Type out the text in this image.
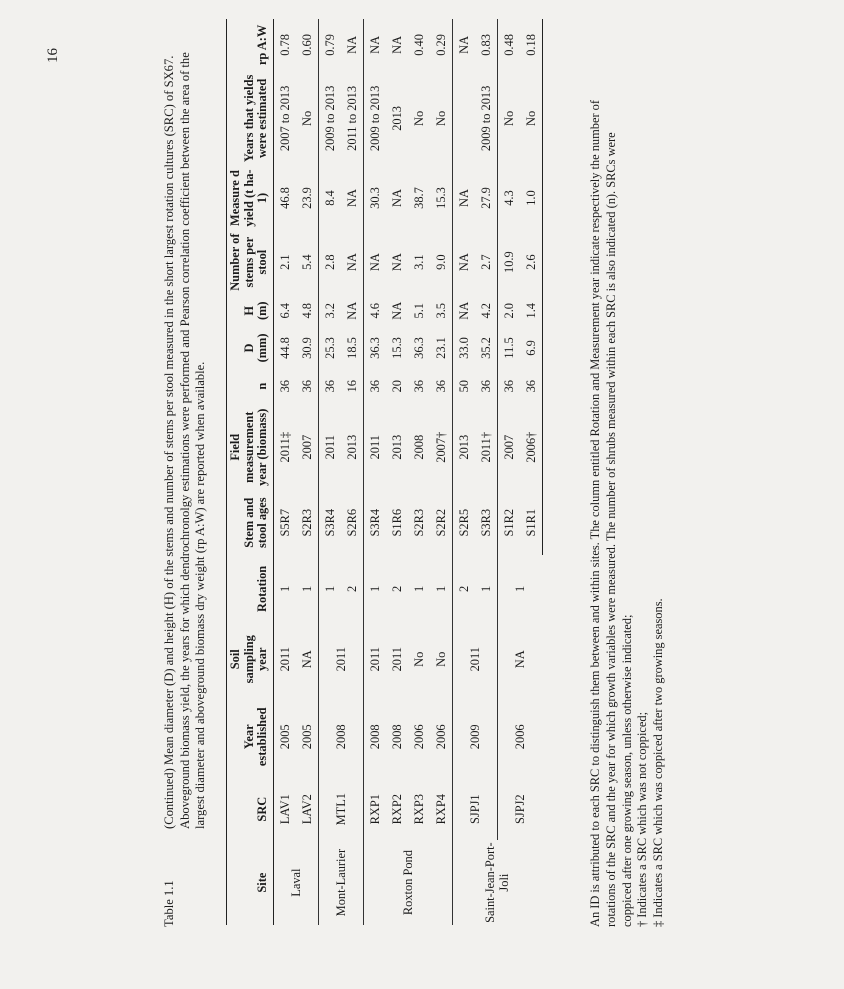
16
Table 1.1
(Continued) Mean diameter (D) and height (H) of the stems and number of stems per stool measured in the short largest rotation cultures (SRC) of SX67. Aboveground biomass yield, the years for which dendrochronolgy estimations were performed and Pearson correlation coefficient between the area of the largest diameter and aboveground biomass dry weight (rp A:W) are reported when available.
Site	SRC	Year established	Soil sampling year	Rotation	Stem and stool ages	Field measurement year (biomass)	n	D (mm)	H (m)	Number of stems per stool	Measure d yield (t ha-1)	Years that yields were estimated	rp A:W
Laval	LAV1	2005	2011	1	S5R7	2011‡	36	44.8	6.4	2.1	46.8	2007 to 2013	0.78
	LAV2	2005	NA	1	S2R3	2007	36	30.9	4.8	5.4	23.9	No	0.60
Mont-Laurier	MTL1	2008	2011	1	S3R4	2011	36	25.3	3.2	2.8	8.4	2009 to 2013	0.79
				2	S2R6	2013	16	18.5	NA	NA	NA	2011 to 2013	NA
Roxton Pond	RXP1	2008	2011	1	S3R4	2011	36	36.3	4.6	NA	30.3	2009 to 2013	NA
	RXP2	2008	2011	2	S1R6	2013	20	15.3	NA	NA	NA	2013	NA
	RXP3	2006	No	1	S2R3	2008	36	36.3	5.1	3.1	38.7	No	0.40
	RXP4	2006	No	1	S2R2	2007†	36	23.1	3.5	9.0	15.3	No	0.29
Saint-Jean-Port-Joli	SJPJ1	2009	2011	2	S2R5	2013	50	33.0	NA	NA	NA		NA
				1	S3R3	2011†	36	35.2	4.2	2.7	27.9	2009 to 2013	0.83
	SJPJ2	2006	NA	1	S1R2	2007	36	11.5	2.0	10.9	4.3	No	0.48
					S1R1	2006†	36	6.9	1.4	2.6	1.0	No	0.18
An ID is attributed to each SRC to distinguish them between and within sites. The column entitled Rotation and Measurement year indicate respectively the number of rotations of the SRC and the year for which growth variables were measured. The number of shrubs measured within each SRC is also indicated (n). SRCs were coppiced after one growing season, unless otherwise indicated; † Indicates a SRC which was not coppiced; ‡ Indicates a SRC which was coppiced after two growing seasons.
